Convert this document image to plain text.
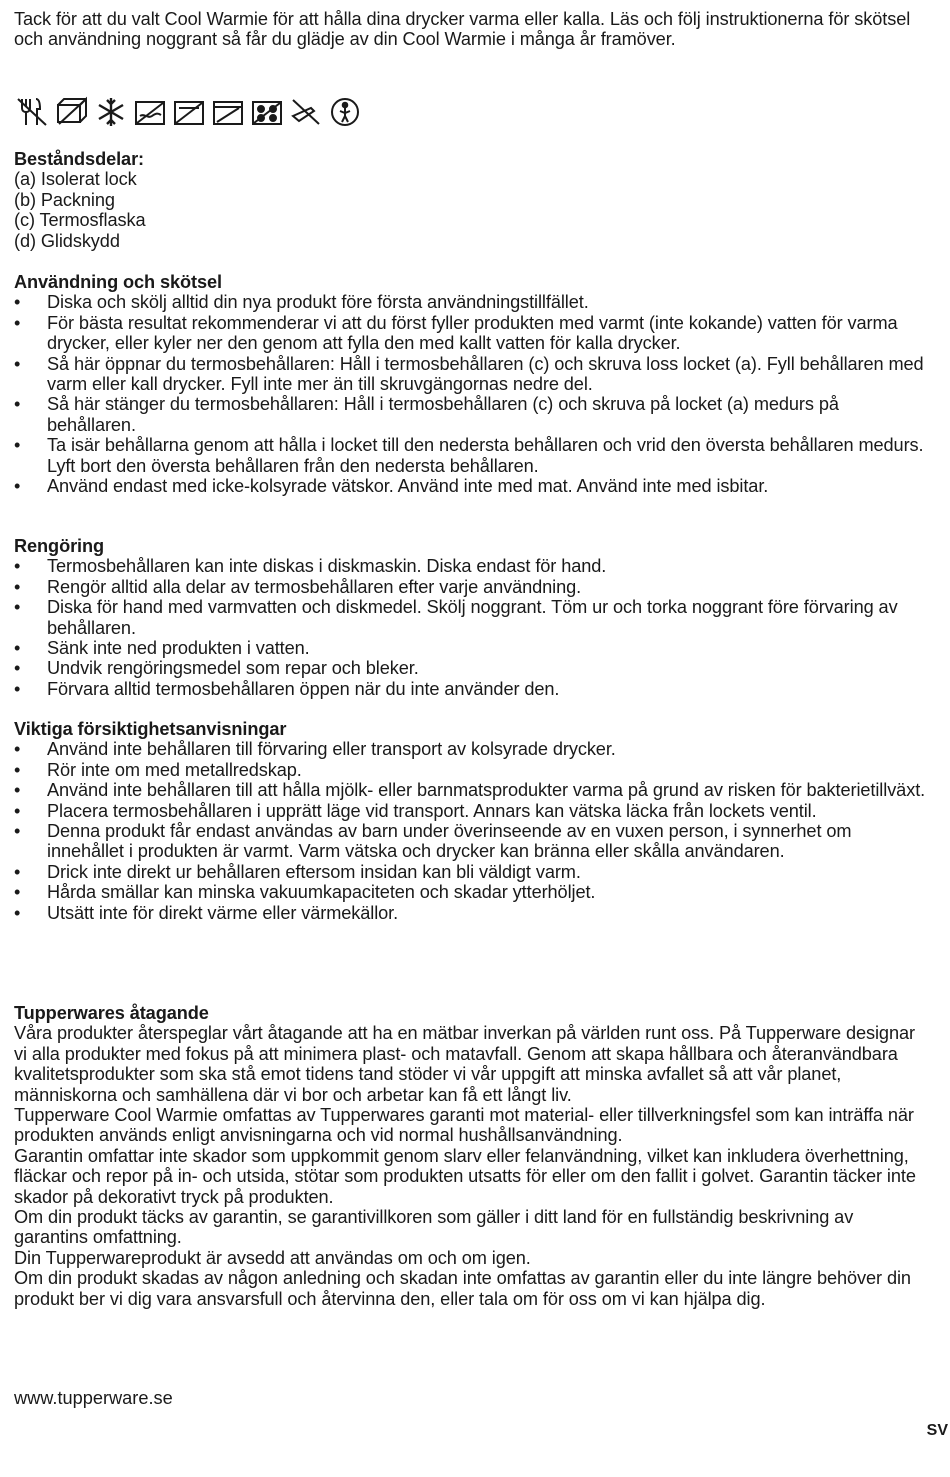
Tack för att du valt Cool Warmie för att hålla dina drycker varma eller kalla. Läs och följ instruktionerna för skötsel och användning noggrant så får du glädje av din Cool Warmie i många år framöver.

Beståndsdelar:

(a) Isolerat lock

(b) Packning

(c) Termosflaska

(d) Glidskydd

Användning och skötsel

• Diska och skölj alltid din nya produkt före första användningstillfället.
• För bästa resultat rekommenderar vi att du först fyller produkten med varmt (inte kokande) vatten för varma drycker, eller kyler ner den genom att fylla den med kallt vatten för kalla drycker.
• Så här öppnar du termosbehållaren: Håll i termosbehållaren (c) och skruva loss locket (a). Fyll behållaren med varm eller kall drycker. Fyll inte mer än till skruvgängornas nedre del.
• Så här stänger du termosbehållaren: Håll i termosbehållaren (c) och skruva på locket (a) medurs på behållaren.
• Ta isär behållarna genom att hålla i locket till den nedersta behållaren och vrid den översta behållaren medurs. Lyft bort den översta behållaren från den nedersta behållaren.
• Använd endast med icke-kolsyrade vätskor. Använd inte med mat. Använd inte med isbitar.

Rengöring

• Termosbehållaren kan inte diskas i diskmaskin. Diska endast för hand.
• Rengör alltid alla delar av termosbehållaren efter varje användning.
• Diska för hand med varmvatten och diskmedel. Skölj noggrant. Töm ur och torka noggrant före förvaring av behållaren.
• Sänk inte ned produkten i vatten.
• Undvik rengöringsmedel som repar och bleker.
• Förvara alltid termosbehållaren öppen när du inte använder den.

Viktiga försiktighetsanvisningar

• Använd inte behållaren till förvaring eller transport av kolsyrade drycker.
• Rör inte om med metallredskap.
• Använd inte behållaren till att hålla mjölk- eller barnmatsprodukter varma på grund av risken för bakterietillväxt.
• Placera termosbehållaren i upprätt läge vid transport. Annars kan vätska läcka från lockets ventil.
• Denna produkt får endast användas av barn under överinseende av en vuxen person, i synnerhet om innehållet i produkten är varmt. Varm vätska och drycker kan bränna eller skålla användaren.
• Drick inte direkt ur behållaren eftersom insidan kan bli väldigt varm.
• Hårda smällar kan minska vakuumkapaciteten och skadar ytterhöljet.
• Utsätt inte för direkt värme eller värmekällor.

Tupperwares åtagande

Våra produkter återspeglar vårt åtagande att ha en mätbar inverkan på världen runt oss. På Tupperware designar vi alla produkter med fokus på att minimera plast- och matavfall. Genom att skapa hållbara och återanvändbara kvalitetsprodukter som ska stå emot tidens tand stöder vi vår uppgift att minska avfallet så att vår planet, människorna och samhällena där vi bor och arbetar kan få ett långt liv.

Tupperware Cool Warmie omfattas av Tupperwares garanti mot material- eller tillverkningsfel som kan inträffa när produkten används enligt anvisningarna och vid normal hushållsanvändning.

Garantin omfattar inte skador som uppkommit genom slarv eller felanvändning, vilket kan inkludera överhettning, fläckar och repor på in- och utsida, stötar som produkten utsatts för eller om den fallit i golvet. Garantin täcker inte skador på dekorativt tryck på produkten.

Om din produkt täcks av garantin, se garantivillkoren som gäller i ditt land för en fullständig beskrivning av garantins omfattning.

Din Tupperwareprodukt är avsedd att användas om och om igen.

Om din produkt skadas av någon anledning och skadan inte omfattas av garantin eller du inte längre behöver din produkt ber vi dig vara ansvarsfull och återvinna den, eller tala om för oss om vi kan hjälpa dig.

www.tupperware.se

SV
